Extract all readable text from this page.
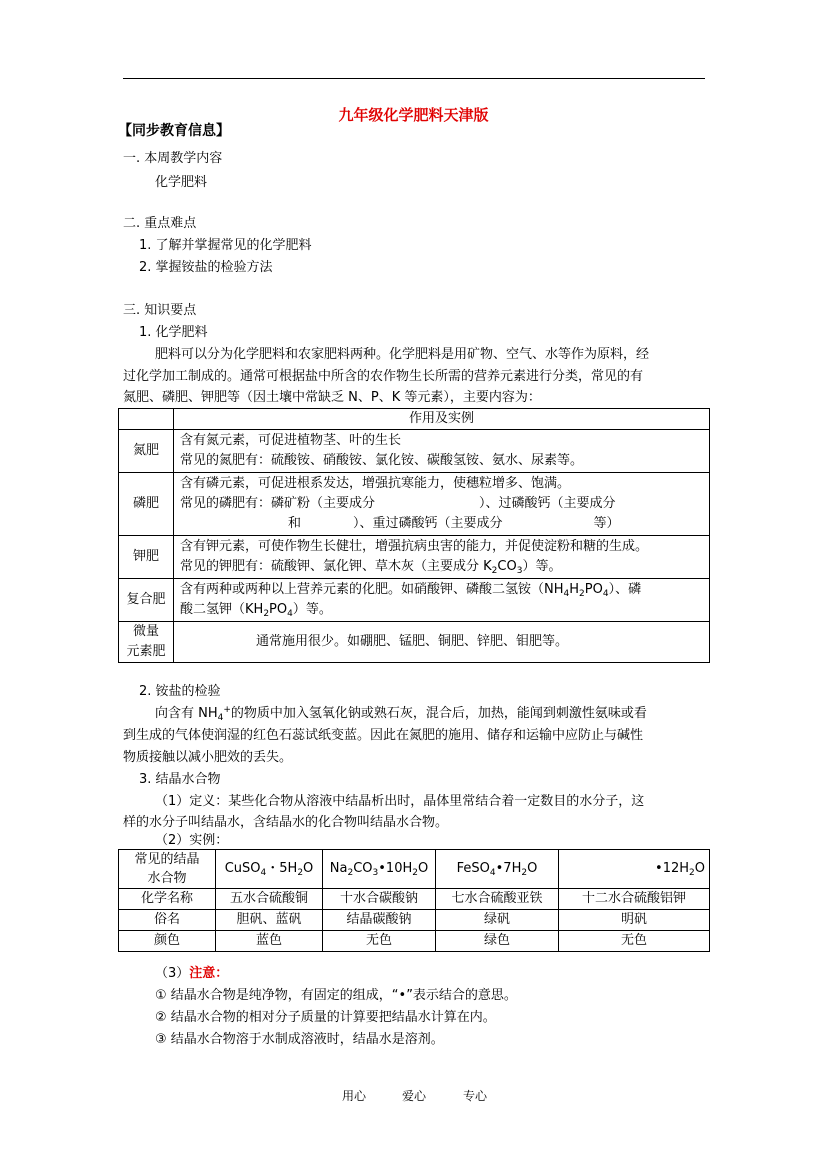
九年级化学肥料天津版
【同步教育信息】
一. 本周教学内容
化学肥料
二. 重点难点
1. 了解并掌握常见的化学肥料
2. 掌握铵盐的检验方法
三. 知识要点
1. 化学肥料
肥料可以分为化学肥料和农家肥料两种。化学肥料是用矿物、空气、水等作为原料，经
过化学加工制成的。通常可根据盐中所含的农作物生长所需的营养元素进行分类，常见的有
氮肥、磷肥、钾肥等（因土壤中常缺乏 N、P、K 等元素），主要内容为：
	作用及实例
氮肥	含有氮元素，可促进植物茎、叶的生长
常见的氮肥有：硫酸铵、硝酸铵、氯化铵、碳酸氢铵、氨水、尿素等。

磷肥	含有磷元素，可促进根系发达，增强抗寒能力，使穗粒增多、饱满。
常见的磷肥有：磷矿粉（主要成分　　　　　　　　）、过磷酸钙（主要成分
　　　　和　　　　）、重过磷酸钙（主要成分　　　　　　　等）

钾肥	含有钾元素，可使作物生长健壮，增强抗病虫害的能力，并促使淀粉和糖的生成。
常见的钾肥有：硫酸钾、氯化钾、草木灰（主要成分 $K_2CO_3$）等。

复合肥	含有两种或两种以上营养元素的化肥。如硝酸钾、磷酸二氢铵$(NH_4H_2PO_4)$、磷
酸二氢钾$(KH_2PO_4)$等。

微量
元素肥	通常施用很少。如硼肥、锰肥、铜肥、锌肥、钼肥等。
2. 铵盐的检验
向含有 $NH_4^+$的物质中加入氢氧化钠或熟石灰，混合后，加热，能闻到刺激性氨味或看
到生成的气体使润湿的红色石蕊试纸变蓝。因此在氮肥的施用、储存和运输中应防止与碱性
物质接触以减小肥效的丢失。
3. 结晶水合物
（1）定义：某些化合物从溶液中结晶析出时，晶体里常结合着一定数目的水分子，这
样的水分子叫结晶水，含结晶水的化合物叫结晶水合物。
（2）实例：
常见的结晶
水合物	CuSO$_4$・$5H_2O$	$Na_2CO_3•10H_2O$	$FeSO_4•7H_2O$	$•12H_2O$
化学名称	五水合硫酸铜	十水合碳酸钠	七水合硫酸亚铁	十二水合硫酸铝钾
俗名	胆矾、蓝矾	结晶碳酸钠	绿矾	明矾
颜色	蓝色	无色	绿色	无色
（3）注意：
① 结晶水合物是纯净物，有固定的组成，“•”表示结合的意思。
② 结晶水合物的相对分子质量的计算要把结晶水计算在内。
③ 结晶水合物溶于水制成溶液时，结晶水是溶剂。
用心	爱心	专心
